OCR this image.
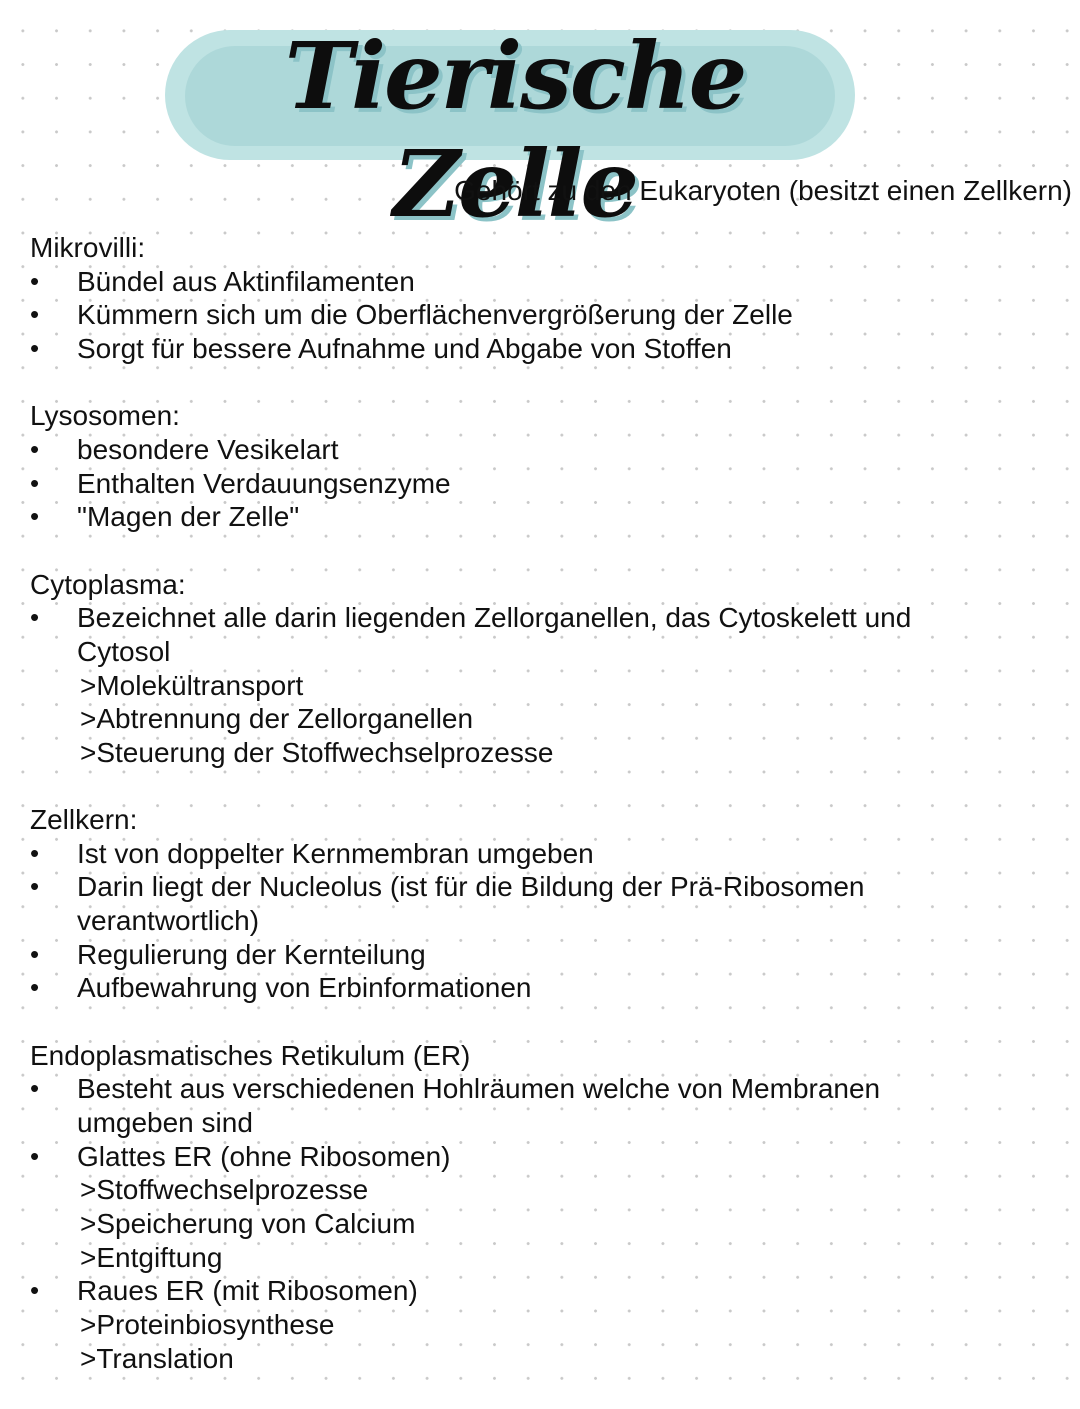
Tierische Zelle
Gehört zu den Eukaryoten (besitzt einen Zellkern)
Mikrovilli:
• Bündel aus Aktinfilamenten
• Kümmern sich um die Oberflächenvergrößerung der Zelle
• Sorgt für bessere Aufnahme und Abgabe von Stoffen
Lysosomen:
• besondere Vesikelart
• Enthalten Verdauungsenzyme
• "Magen der Zelle"
Cytoplasma:
• Bezeichnet alle darin liegenden Zellorganellen, das Cytoskelett und
Cytosol
>Molekültransport
>Abtrennung der Zellorganellen
>Steuerung der Stoffwechselprozesse
Zellkern:
• Ist von doppelter Kernmembran umgeben
• Darin liegt der Nucleolus (ist für die Bildung der Prä-Ribosomen
verantwortlich)
• Regulierung der Kernteilung
• Aufbewahrung von Erbinformationen
Endoplasmatisches Retikulum (ER)
• Besteht aus verschiedenen Hohlräumen welche von Membranen
umgeben sind
• Glattes ER (ohne Ribosomen)
>Stoffwechselprozesse
>Speicherung von Calcium
>Entgiftung
• Raues ER (mit Ribosomen)
>Proteinbiosynthese
>Translation
